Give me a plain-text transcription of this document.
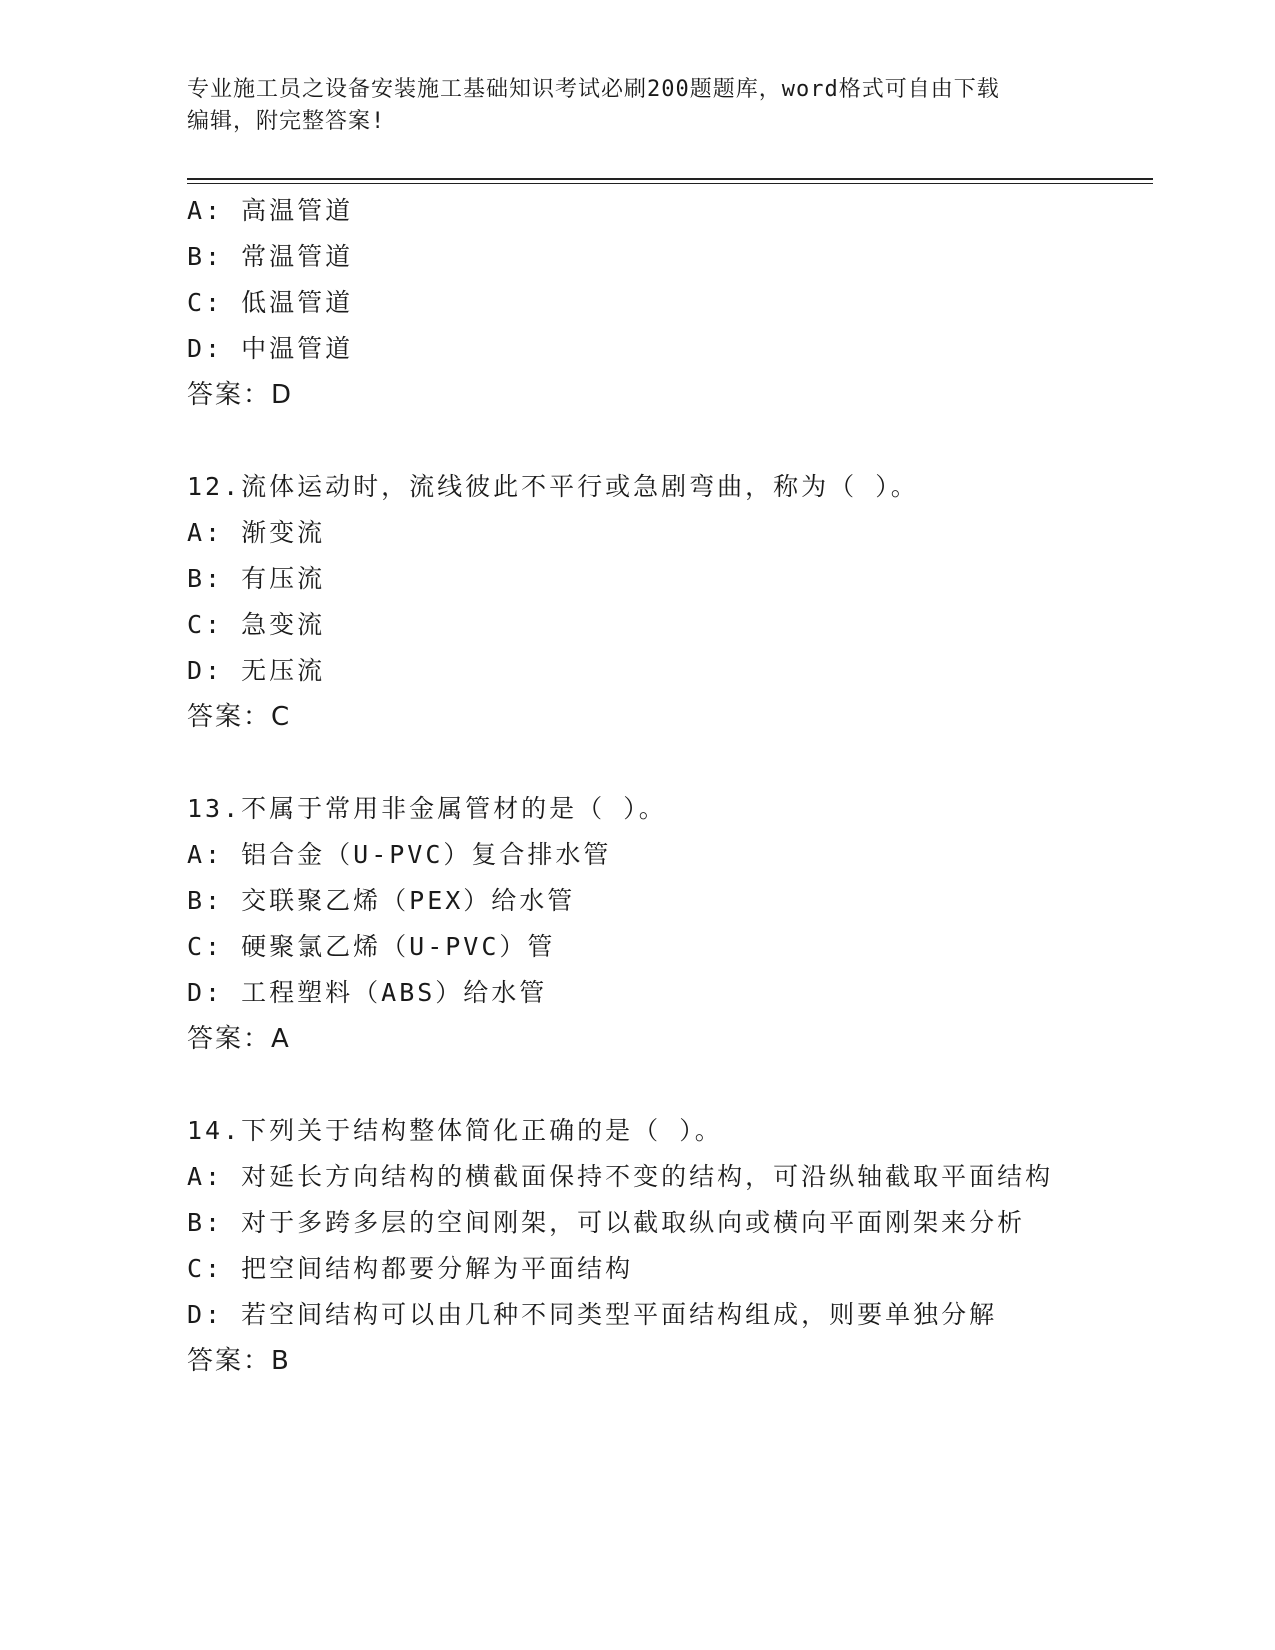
专业施工员之设备安装施工基础知识考试必刷200题题库，word格式可自由下载
编辑，附完整答案!
A: 高温管道
B: 常温管道
C: 低温管道
D: 中温管道
答案：D
12.流体运动时，流线彼此不平行或急剧弯曲，称为（ ）。
A: 渐变流
B: 有压流
C: 急变流
D: 无压流
答案：C
13.不属于常用非金属管材的是（ ）。
A: 铝合金（U-PVC）复合排水管
B: 交联聚乙烯（PEX）给水管
C: 硬聚氯乙烯（U-PVC）管
D: 工程塑料（ABS）给水管
答案：A
14.下列关于结构整体简化正确的是（ ）。
A: 对延长方向结构的横截面保持不变的结构，可沿纵轴截取平面结构
B: 对于多跨多层的空间刚架，可以截取纵向或横向平面刚架来分析
C: 把空间结构都要分解为平面结构
D: 若空间结构可以由几种不同类型平面结构组成，则要单独分解
答案：B
